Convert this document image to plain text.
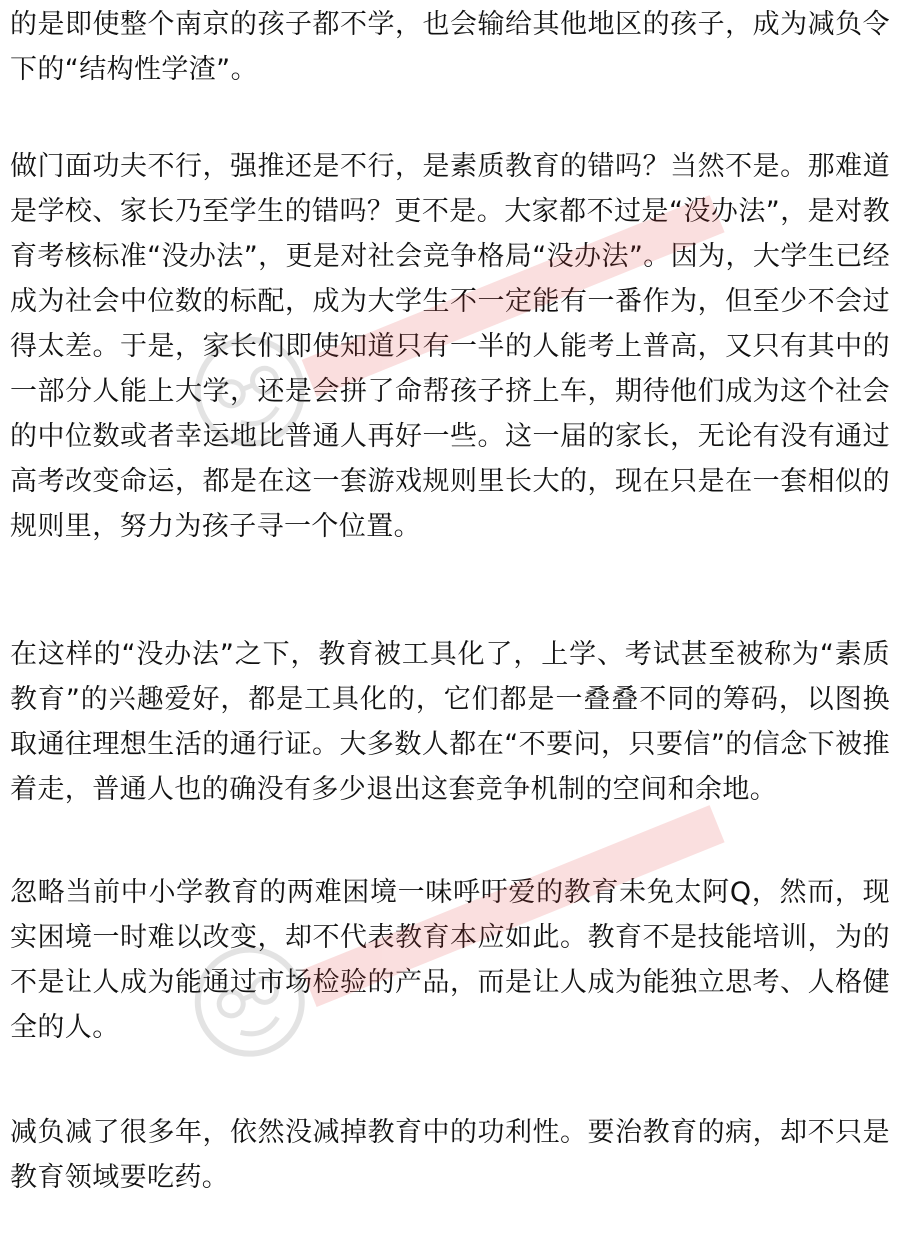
的是即使整个南京的孩子都不学，也会输给其他地区的孩子，成为减负令下的“结构性学渣”。

做门面功夫不行，强推还是不行，是素质教育的错吗？当然不是。那难道是学校、家长乃至学生的错吗？更不是。大家都不过是“没办法”，是对教育考核标准“没办法”，更是对社会竞争格局“没办法”。因为，大学生已经成为社会中位数的标配，成为大学生不一定能有一番作为，但至少不会过得太差。于是，家长们即使知道只有一半的人能考上普高，又只有其中的一部分人能上大学，还是会拼了命帮孩子挤上车，期待他们成为这个社会的中位数或者幸运地比普通人再好一些。这一届的家长，无论有没有通过高考改变命运，都是在这一套游戏规则里长大的，现在只是在一套相似的规则里，努力为孩子寻一个位置。

在这样的“没办法”之下，教育被工具化了，上学、考试甚至被称为“素质教育”的兴趣爱好，都是工具化的，它们都是一叠叠不同的筹码，以图换取通往理想生活的通行证。大多数人都在“不要问，只要信”的信念下被推着走，普通人也的确没有多少退出这套竞争机制的空间和余地。

忽略当前中小学教育的两难困境一味呼吁爱的教育未免太阿Q，然而，现实困境一时难以改变，却不代表教育本应如此。教育不是技能培训，为的不是让人成为能通过市场检验的产品，而是让人成为能独立思考、人格健全的人。

减负减了很多年，依然没减掉教育中的功利性。要治教育的病，却不只是教育领域要吃药。
